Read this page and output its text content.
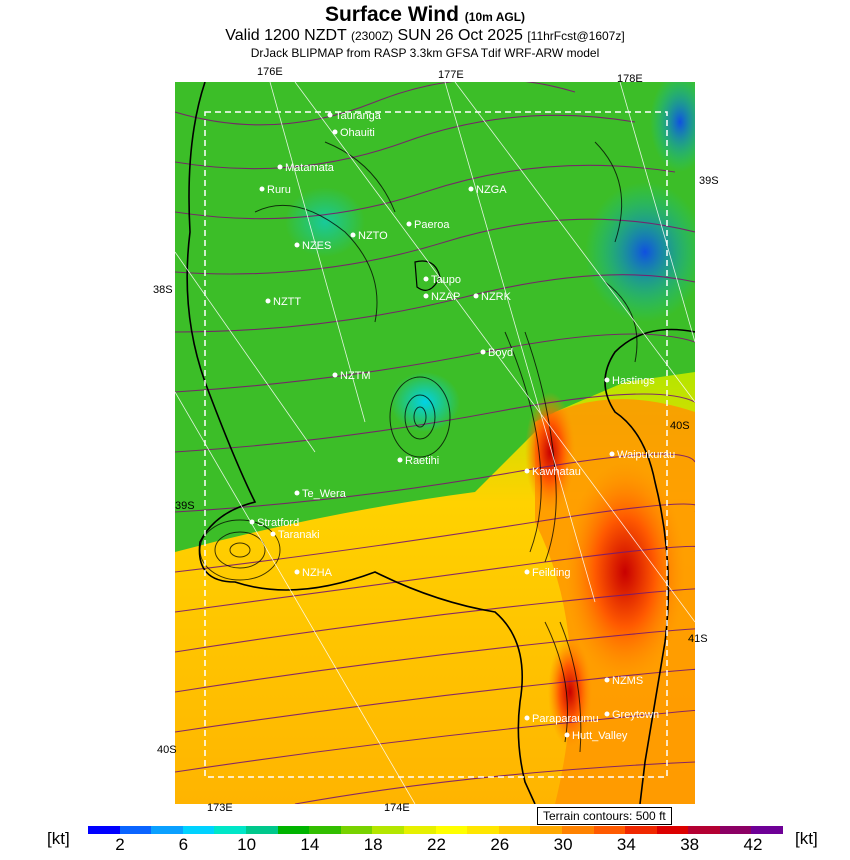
Surface Wind (10m AGL)
Valid 1200 NZDT (2300Z) SUN 26 Oct 2025 [11hrFcst@1607z]
DrJack BLIPMAP from RASP 3.3km GFSA Tdif WRF-ARW model
Tauranga
Ohauiti
Matamata
Ruru	NZGA
Paeroa
NZTO
NZES
Taupo
NZAP NZRK
NZTT
Boyd
NZTM	Hastings
Waipukurau
Raetihi
Kawhatau
Te_Wera
Stratford
Taranaki
Feilding
NZHA
NZMS
Paraparaumu Greytown
Hutt_Valley
176E	177E	178E
173E	174E
38S
39S
40S
39S
40S
41S
Terrain contours: 500 ft
[kt]	[kt]
2	6	10	14	18	22	26	30	34	38	42
